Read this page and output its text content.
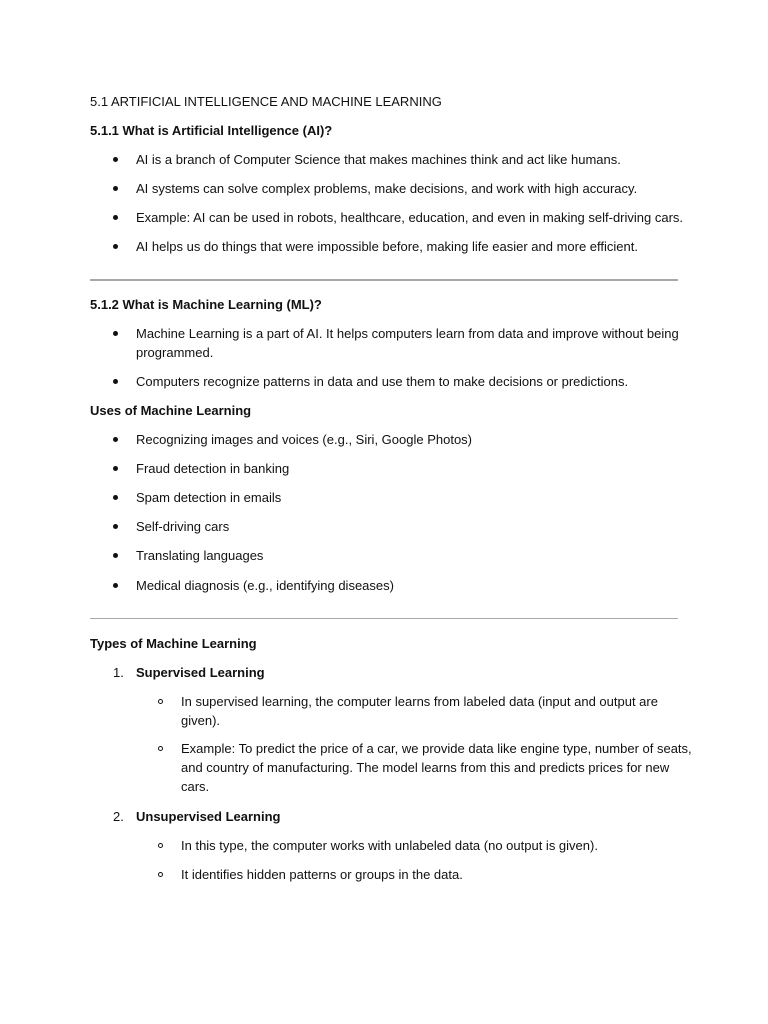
5.1 ARTIFICIAL INTELLIGENCE AND MACHINE LEARNING

5.1.1 What is Artificial Intelligence (AI)?

AI is a branch of Computer Science that makes machines think and act like humans.

AI systems can solve complex problems, make decisions, and work with high accuracy.

Example: AI can be used in robots, healthcare, education, and even in making self-driving cars.

AI helps us do things that were impossible before, making life easier and more efficient.

5.1.2 What is Machine Learning (ML)?

Machine Learning is a part of AI. It helps computers learn from data and improve without being

programmed.

Computers recognize patterns in data and use them to make decisions or predictions.

Uses of Machine Learning

Recognizing images and voices (e.g., Siri, Google Photos)

Fraud detection in banking

Spam detection in emails

Self-driving cars

Translating languages

Medical diagnosis (e.g., identifying diseases)

Types of Machine Learning

1. Supervised Learning

In supervised learning, the computer learns from labeled data (input and output are

given).

Example: To predict the price of a car, we provide data like engine type, number of seats,

and country of manufacturing. The model learns from this and predicts prices for new

cars.

2. Unsupervised Learning

In this type, the computer works with unlabeled data (no output is given).

It identifies hidden patterns or groups in the data.
